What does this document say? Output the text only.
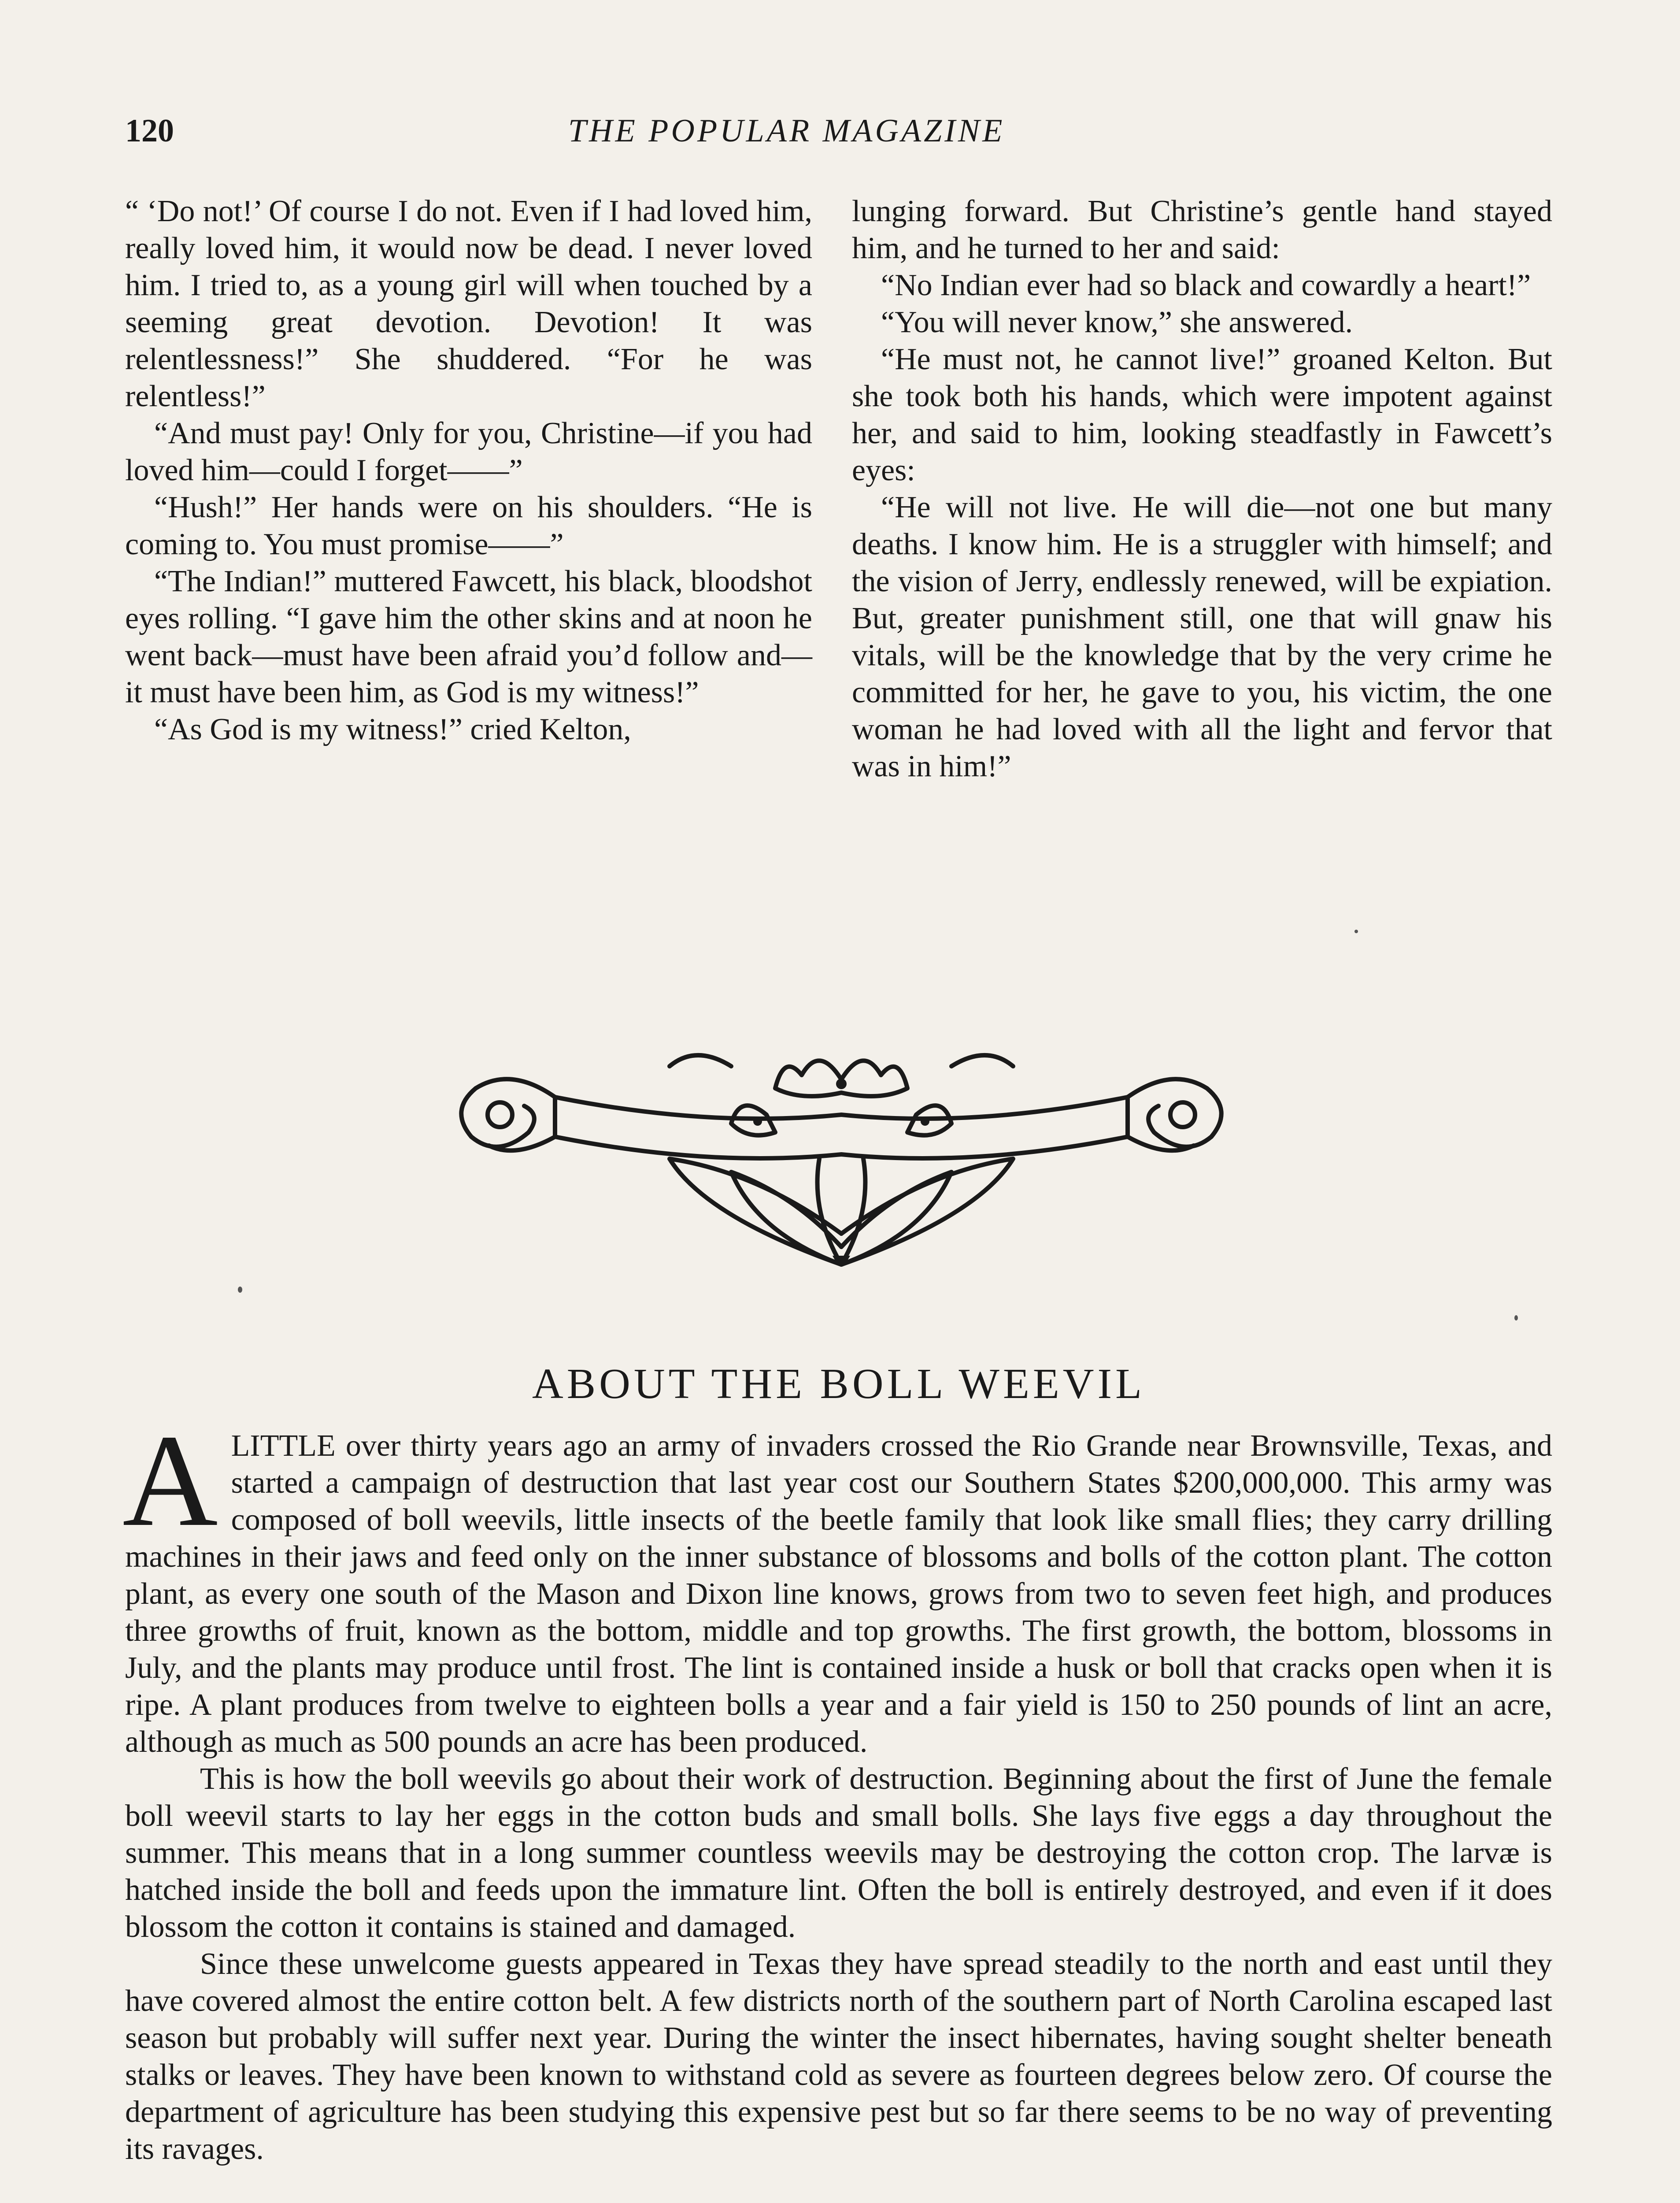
120	THE POPULAR MAGAZINE

“ ‘Do not!’ Of course I do not. Even if I had loved him, really loved him, it would now be dead. I never loved him. I tried to, as a young girl will when touched by a seeming great devotion. Devotion! It was relentlessness!” She shuddered. “For he was relentless!”

“And must pay! Only for you, Christine—if you had loved him—could I forget——”

“Hush!” Her hands were on his shoulders. “He is coming to. You must promise——”

“The Indian!” muttered Fawcett, his black, bloodshot eyes rolling. “I gave him the other skins and at noon he went back—must have been afraid you’d follow and—it must have been him, as God is my witness!”

“As God is my witness!” cried Kelton,

lunging forward. But Christine’s gentle hand stayed him, and he turned to her and said:

“No Indian ever had so black and cowardly a heart!”

“You will never know,” she answered.

“He must not, he cannot live!” groaned Kelton. But she took both his hands, which were impotent against her, and said to him, looking steadfastly in Fawcett’s eyes:

“He will not live. He will die—not one but many deaths. I know him. He is a struggler with himself; and the vision of Jerry, endlessly renewed, will be expiation. But, greater punishment still, one that will gnaw his vitals, will be the knowledge that by the very crime he committed for her, he gave to you, his victim, the one woman he had loved with all the light and fervor that was in him!”

ABOUT THE BOLL WEEVIL

ALITTLE over thirty years ago an army of invaders crossed the Rio Grande near Brownsville, Texas, and started a campaign of destruction that last year cost our Southern States $200,000,000. This army was composed of boll weevils, little insects of the beetle family that look like small flies; they carry drilling machines in their jaws and feed only on the inner substance of blossoms and bolls of the cotton plant. The cotton plant, as every one south of the Mason and Dixon line knows, grows from two to seven feet high, and produces three growths of fruit, known as the bottom, middle and top growths. The first growth, the bottom, blossoms in July, and the plants may produce until frost. The lint is contained inside a husk or boll that cracks open when it is ripe. A plant produces from twelve to eighteen bolls a year and a fair yield is 150 to 250 pounds of lint an acre, although as much as 500 pounds an acre has been produced.

This is how the boll weevils go about their work of destruction. Beginning about the first of June the female boll weevil starts to lay her eggs in the cotton buds and small bolls. She lays five eggs a day throughout the summer. This means that in a long summer countless weevils may be destroying the cotton crop. The larvæ is hatched inside the boll and feeds upon the immature lint. Often the boll is entirely destroyed, and even if it does blossom the cotton it contains is stained and damaged.

Since these unwelcome guests appeared in Texas they have spread steadily to the north and east until they have covered almost the entire cotton belt. A few districts north of the southern part of North Carolina escaped last season but probably will suffer next year. During the winter the insect hibernates, having sought shelter beneath stalks or leaves. They have been known to withstand cold as severe as fourteen degrees below zero. Of course the department of agriculture has been studying this expensive pest but so far there seems to be no way of preventing its ravages.
